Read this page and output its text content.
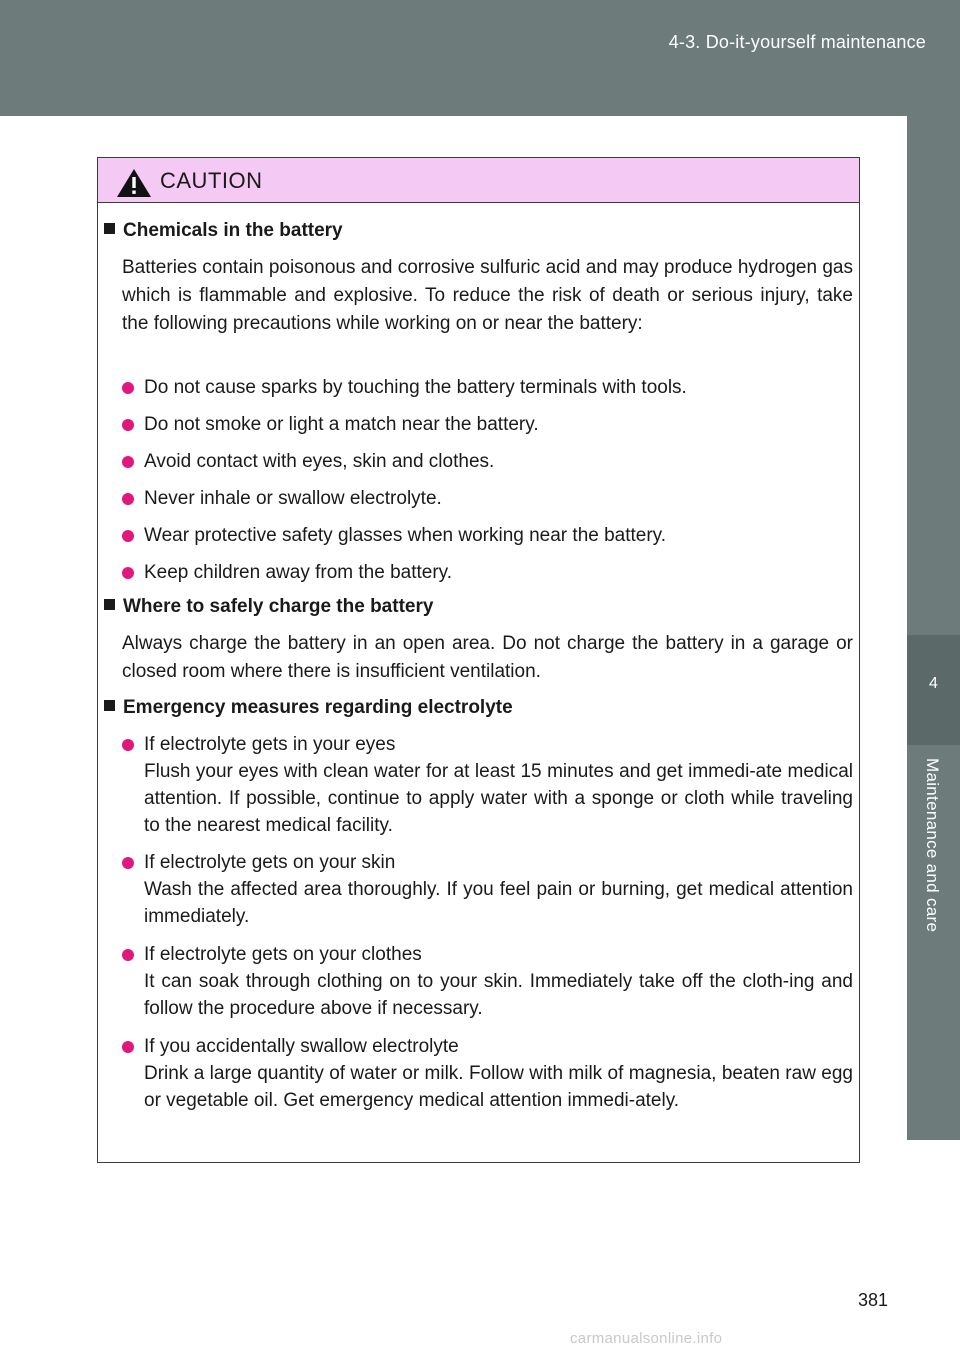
4-3. Do-it-yourself maintenance
4
Maintenance and care
CAUTION
Chemicals in the battery
Batteries contain poisonous and corrosive sulfuric acid and may produce hydrogen gas which is flammable and explosive. To reduce the risk of death or serious injury, take the following precautions while working on or near the battery:
Do not cause sparks by touching the battery terminals with tools.
Do not smoke or light a match near the battery.
Avoid contact with eyes, skin and clothes.
Never inhale or swallow electrolyte.
Wear protective safety glasses when working near the battery.
Keep children away from the battery.
Where to safely charge the battery
Always charge the battery in an open area. Do not charge the battery in a garage or closed room where there is insufficient ventilation.
Emergency measures regarding electrolyte
If electrolyte gets in your eyes
Flush your eyes with clean water for at least 15 minutes and get immedi-ate medical attention. If possible, continue to apply water with a sponge or cloth while traveling to the nearest medical facility.
If electrolyte gets on your skin
Wash the affected area thoroughly. If you feel pain or burning, get medical attention immediately.
If electrolyte gets on your clothes
It can soak through clothing on to your skin. Immediately take off the cloth-ing and follow the procedure above if necessary.
If you accidentally swallow electrolyte
Drink a large quantity of water or milk. Follow with milk of magnesia, beaten raw egg or vegetable oil. Get emergency medical attention immedi-ately.
381
carmanualsonline.info
